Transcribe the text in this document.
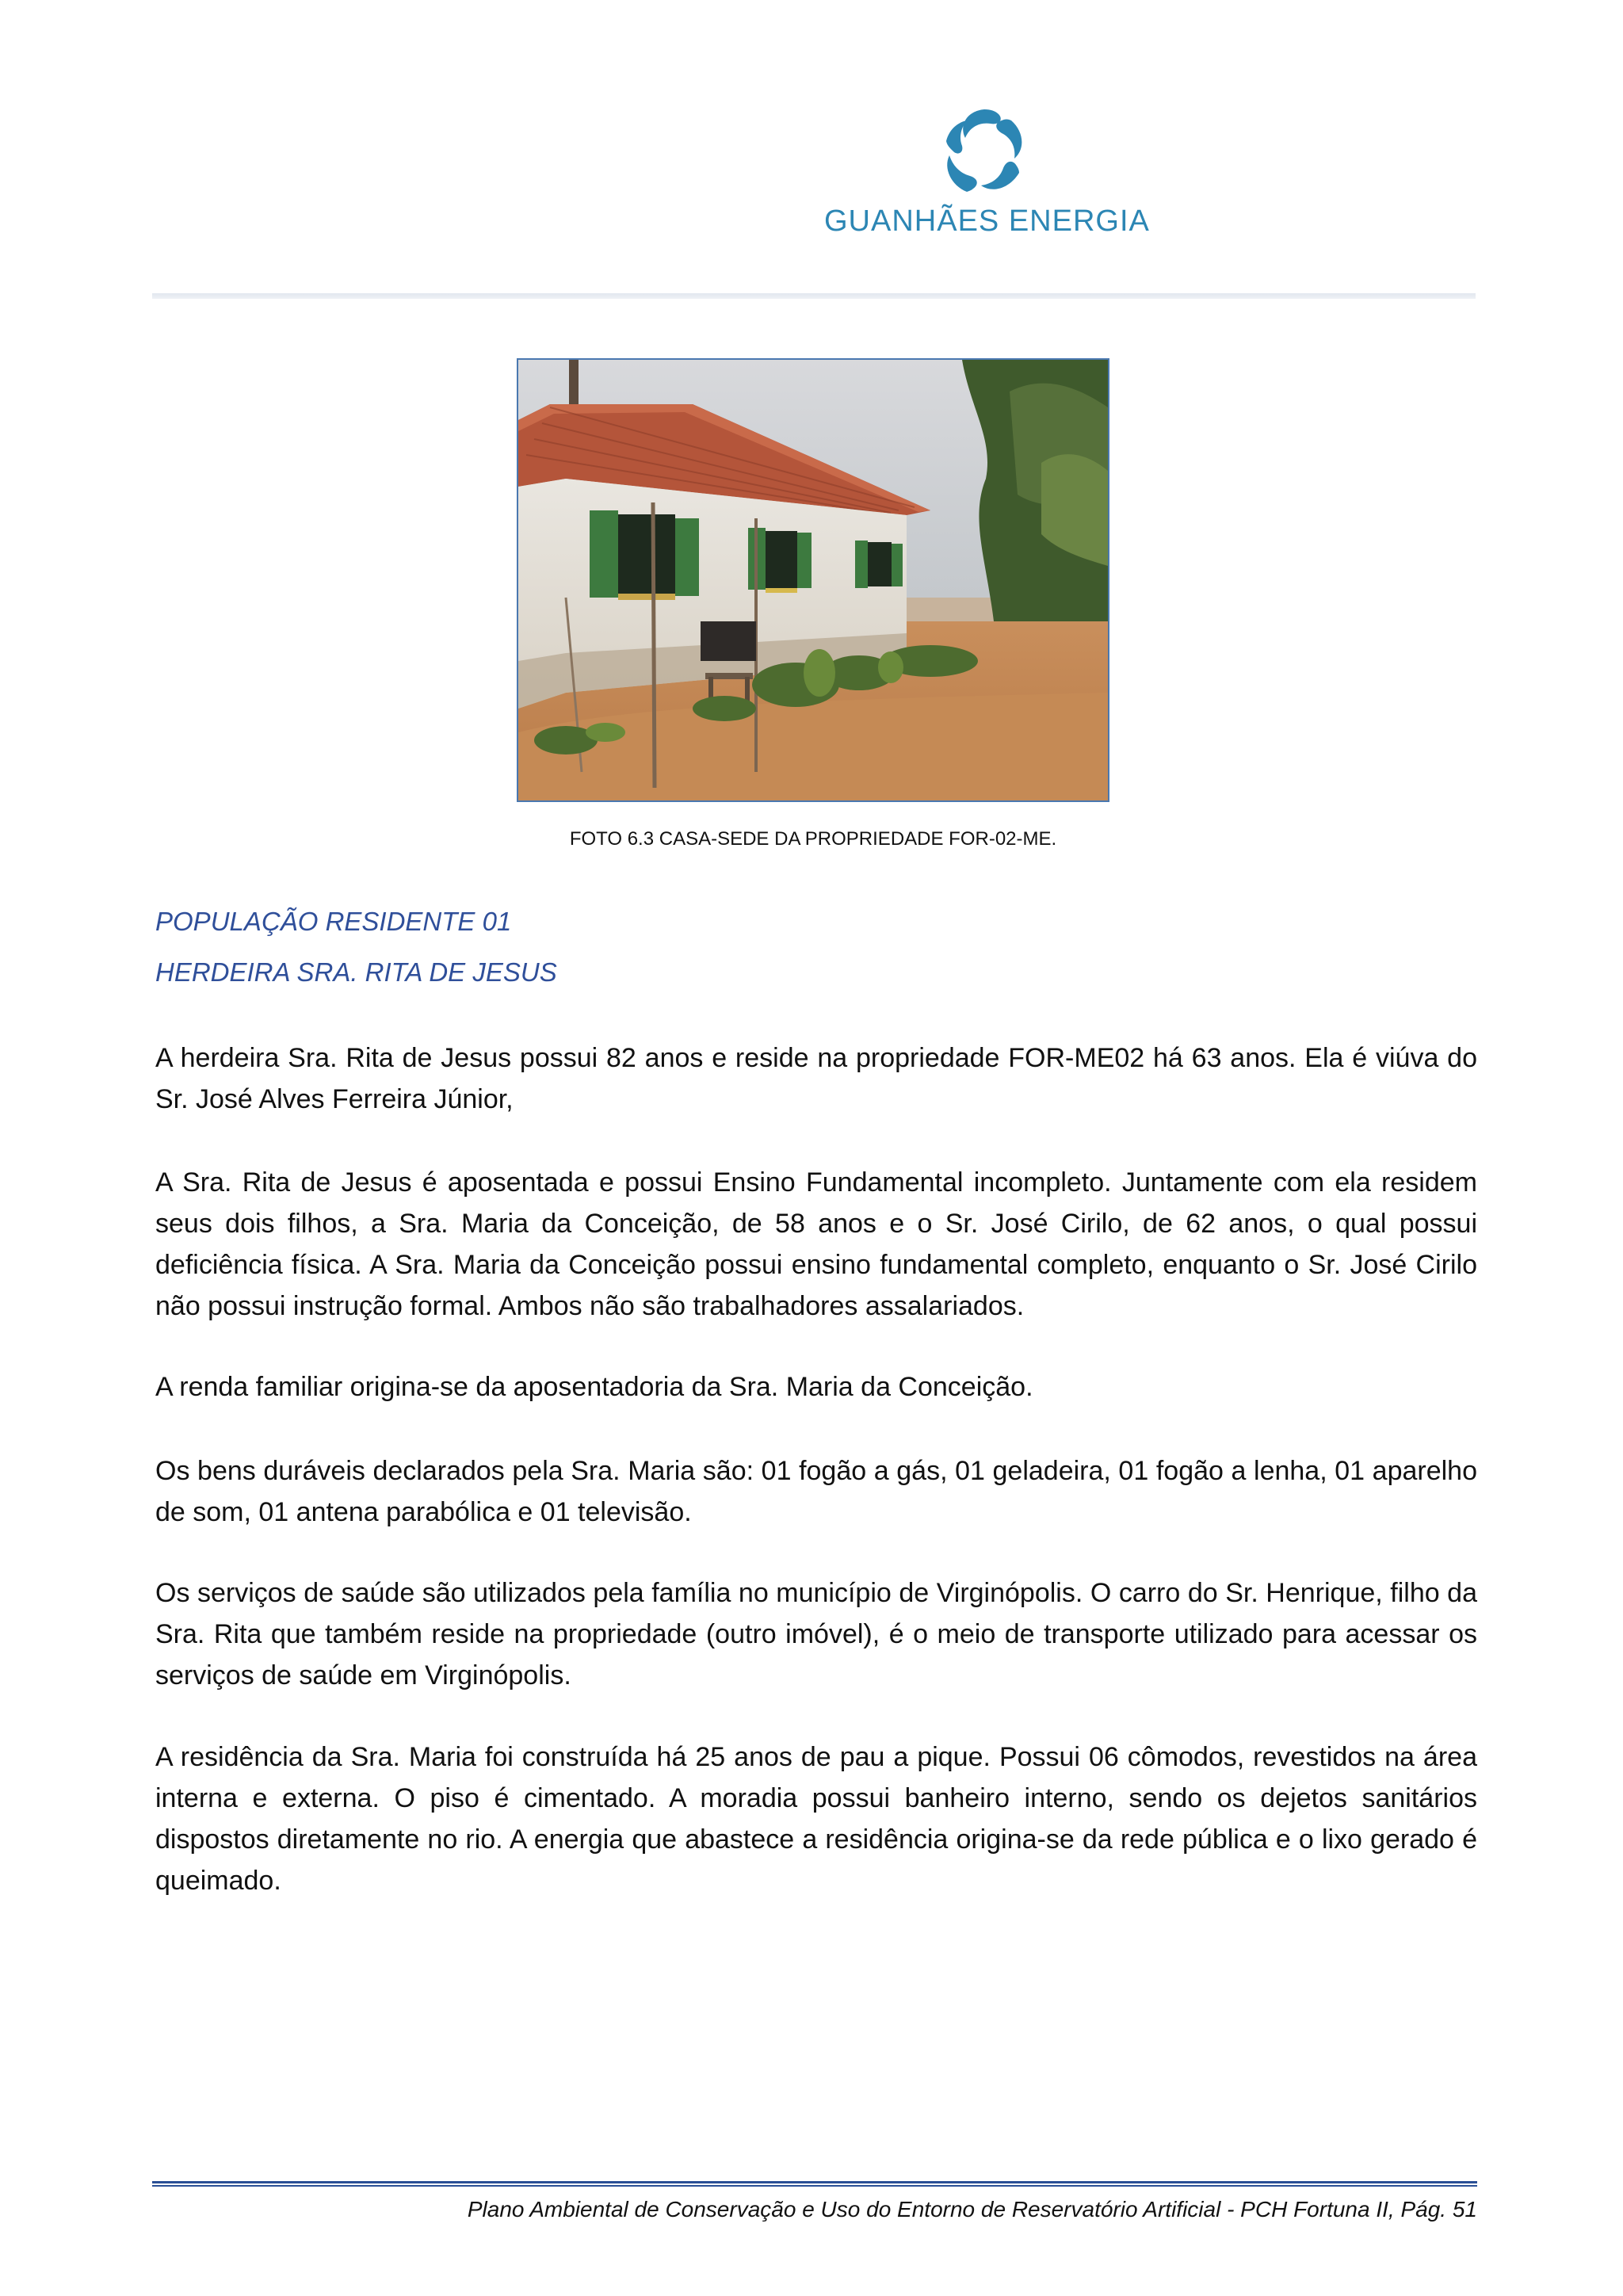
GUANHÃES ENERGIA
FOTO 6.3 CASA-SEDE DA PROPRIEDADE FOR-02-ME.
POPULAÇÃO RESIDENTE 01
HERDEIRA SRA. RITA DE JESUS

A herdeira Sra. Rita de Jesus possui 82 anos e reside na propriedade FOR-ME02 há 63 anos. Ela é viúva do Sr. José Alves Ferreira Júnior,

A Sra. Rita de Jesus é aposentada e possui Ensino Fundamental incompleto. Juntamente com ela residem seus dois filhos, a Sra. Maria da Conceição, de 58 anos e o Sr. José Cirilo, de 62 anos, o qual possui deficiência física. A Sra. Maria da Conceição possui ensino fundamental completo, enquanto o Sr. José Cirilo não possui instrução formal. Ambos não são trabalhadores assalariados.

A renda familiar origina-se da aposentadoria da Sra. Maria da Conceição.

Os bens duráveis declarados pela Sra. Maria são: 01 fogão a gás, 01 geladeira, 01 fogão a lenha, 01 aparelho de som, 01 antena parabólica e 01 televisão.

Os serviços de saúde são utilizados pela família no município de Virginópolis. O carro do Sr. Henrique, filho da Sra. Rita que também reside na propriedade (outro imóvel), é o meio de transporte utilizado para acessar os serviços de saúde em Virginópolis.

A residência da Sra. Maria foi construída há 25 anos de pau a pique. Possui 06 cômodos, revestidos na área interna e externa. O piso é cimentado. A moradia possui banheiro interno, sendo os dejetos sanitários dispostos diretamente no rio. A energia que abastece a residência origina-se da rede pública e o lixo gerado é queimado.

Plano Ambiental de Conservação e Uso do Entorno de Reservatório Artificial - PCH Fortuna II, Pág. 51
